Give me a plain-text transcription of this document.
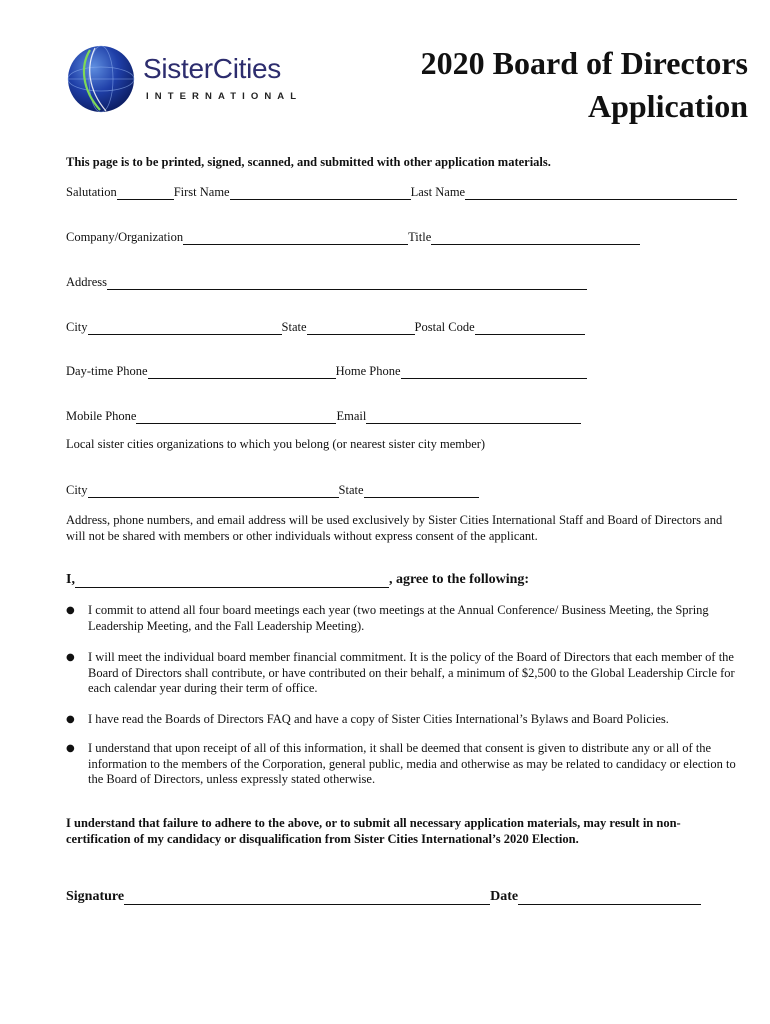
SisterCities
INTERNATIONAL
2020 Board of Directors
Application
This page is to be printed, signed, scanned, and submitted with other application materials.
Salutation	First Name	Last Name
Company/Organization	Title
Address
City	State	Postal Code
Day-time Phone	Home Phone
Mobile Phone	Email
Local sister cities organizations to which you belong (or nearest sister city member)
City	State
Address, phone numbers, and email address will be used exclusively by Sister Cities International Staff and Board of Directors and will not be shared with members or other individuals without express consent of the applicant.
I,	, agree to the following:
● I commit to attend all four board meetings each year (two meetings at the Annual Conference/ Business Meeting, the Spring Leadership Meeting, and the Fall Leadership Meeting).
● I will meet the individual board member financial commitment. It is the policy of the Board of Directors that each member of the Board of Directors shall contribute, or have contributed on their behalf, a minimum of $2,500 to the Global Leadership Circle for each calendar year during their term of office.
● I have read the Boards of Directors FAQ and have a copy of Sister Cities International’s Bylaws and Board Policies.
● I understand that upon receipt of all of this information, it shall be deemed that consent is given to distribute any or all of the information to the members of the Corporation, general public, media and otherwise as may be related to candidacy or election to the Board of Directors, unless expressly stated otherwise.
I understand that failure to adhere to the above, or to submit all necessary application materials, may result in non-certification of my candidacy or disqualification from Sister Cities International’s 2020 Election.
Signature	Date
